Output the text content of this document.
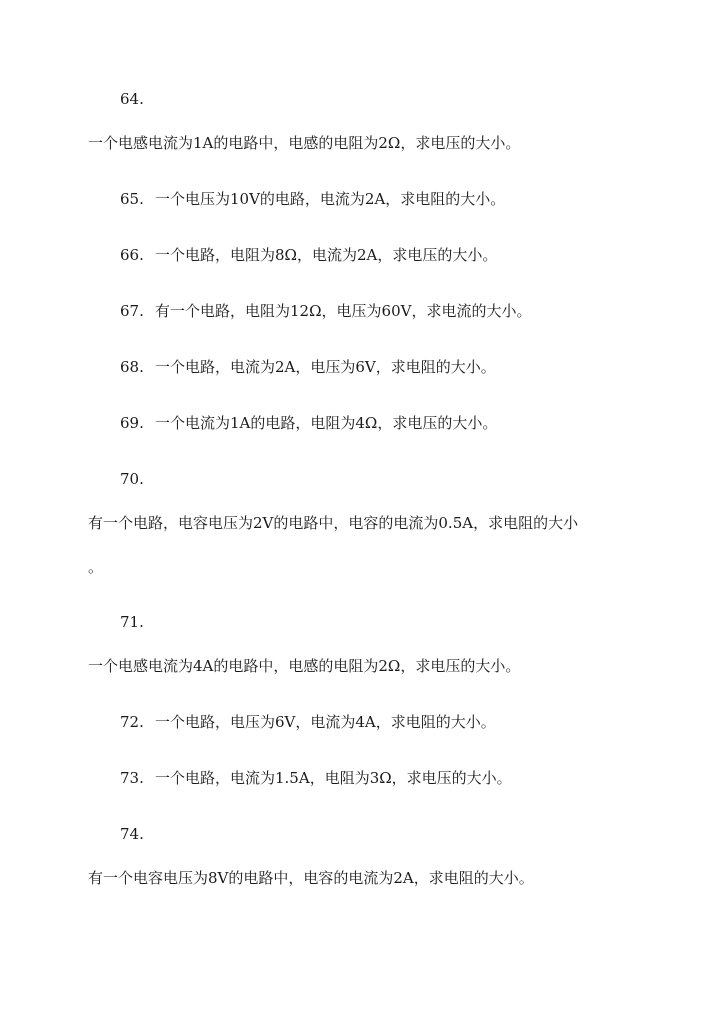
64.
一个电感电流为1A的电路中，电感的电阻为2Ω，求电压的大小。
65. 一个电压为10V的电路，电流为2A，求电阻的大小。
66. 一个电路，电阻为8Ω，电流为2A，求电压的大小。
67. 有一个电路，电阻为12Ω，电压为60V，求电流的大小。
68. 一个电路，电流为2A，电压为6V，求电阻的大小。
69. 一个电流为1A的电路，电阻为4Ω，求电压的大小。
70.
有一个电路，电容电压为2V的电路中，电容的电流为0.5A，求电阻的大小
。
71.
一个电感电流为4A的电路中，电感的电阻为2Ω，求电压的大小。
72. 一个电路，电压为6V，电流为4A，求电阻的大小。
73. 一个电路，电流为1.5A，电阻为3Ω，求电压的大小。
74.
有一个电容电压为8V的电路中，电容的电流为2A，求电阻的大小。
